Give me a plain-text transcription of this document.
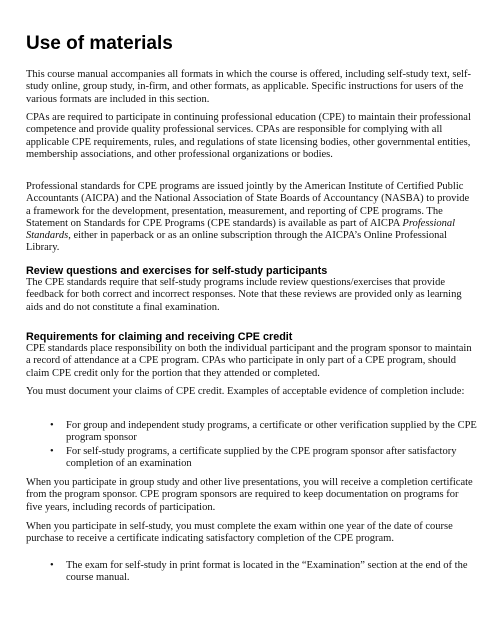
Use of materials

This course manual accompanies all formats in which the course is offered, including self-study text, self-study online, group study, in-firm, and other formats, as applicable. Specific instructions for users of the various formats are included in this section.

CPAs are required to participate in continuing professional education (CPE) to maintain their professional competence and provide quality professional services. CPAs are responsible for complying with all applicable CPE requirements, rules, and regulations of state licensing bodies, other governmental entities, membership associations, and other professional organizations or bodies.

Professional standards for CPE programs are issued jointly by the American Institute of Certified Public Accountants (AICPA) and the National Association of State Boards of Accountancy (NASBA) to provide a framework for the development, presentation, measurement, and reporting of CPE programs. The Statement on Standards for CPE Programs (CPE standards) is available as part of AICPA Professional Standards, either in paperback or as an online subscription through the AICPA’s Online Professional Library.

Review questions and exercises for self-study participants

The CPE standards require that self-study programs include review questions/exercises that provide feedback for both correct and incorrect responses. Note that these reviews are provided only as learning aids and do not constitute a final examination.

Requirements for claiming and receiving CPE credit

CPE standards place responsibility on both the individual participant and the program sponsor to maintain a record of attendance at a CPE program. CPAs who participate in only part of a CPE program, should claim CPE credit only for the portion that they attended or completed.

You must document your claims of CPE credit. Examples of acceptable evidence of completion include:

• For group and independent study programs, a certificate or other verification supplied by the CPE program sponsor
• For self-study programs, a certificate supplied by the CPE program sponsor after satisfactory completion of an examination

When you participate in group study and other live presentations, you will receive a completion certificate from the program sponsor. CPE program sponsors are required to keep documentation on programs for five years, including records of participation.

When you participate in self-study, you must complete the exam within one year of the date of course purchase to receive a certificate indicating satisfactory completion of the CPE program.

• The exam for self-study in print format is located in the “Examination” section at the end of the course manual.
